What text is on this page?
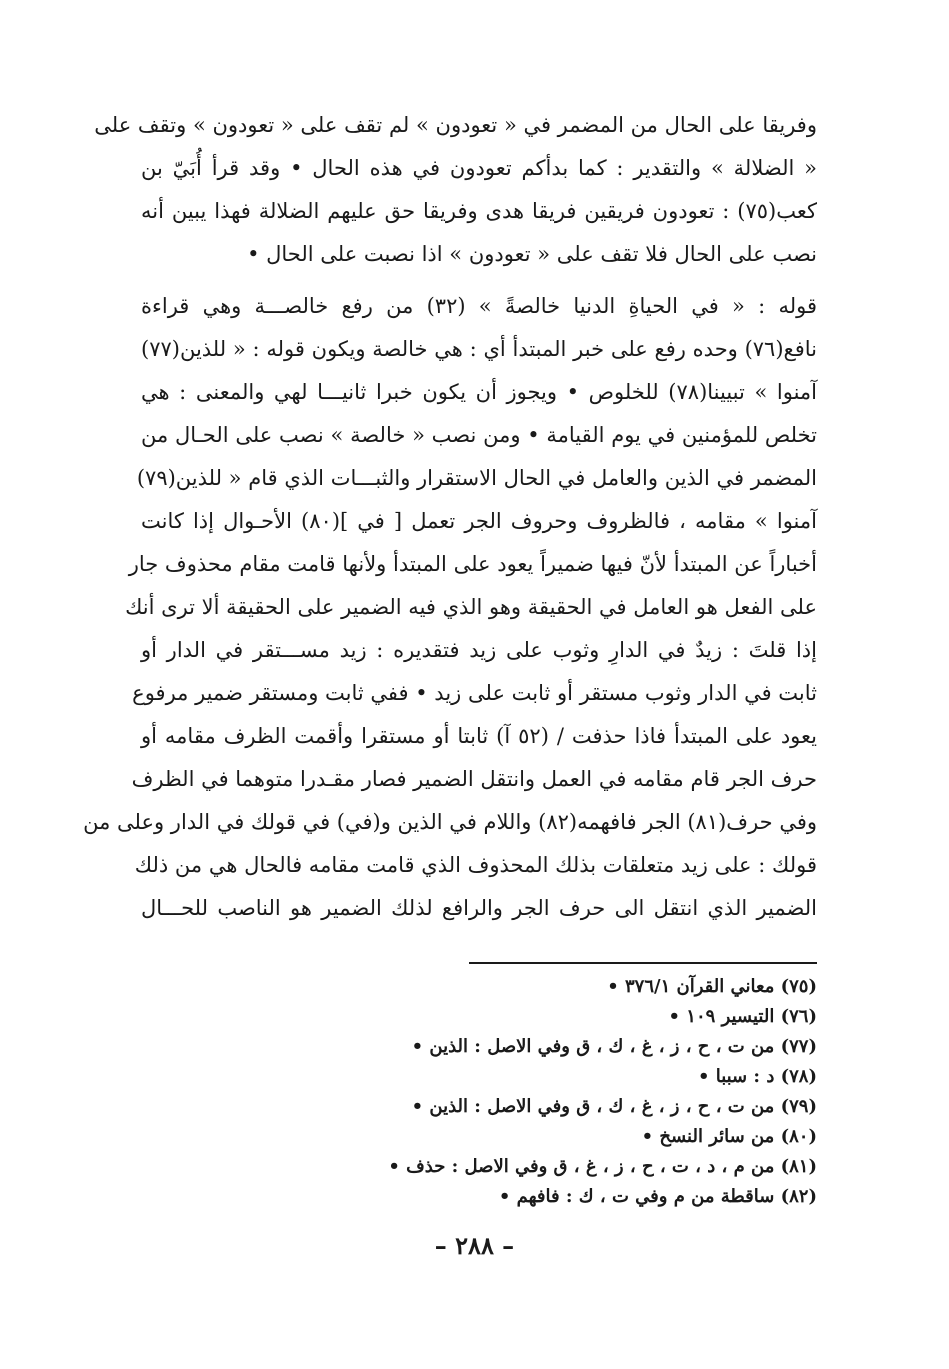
وفريقا على الحال من المضمر في « تعودون » لم تقف على « تعودون » وتقف على
« الضلالة » والتقدير : كما بدأكم تعودون في هذه الحال • وقد قرأ أُبَيّ بن
كعب(٧٥) : تعودون فريقين فريقا هدى وفريقا حق عليهم الضلالة فهذا يبين أنه
نصب على الحال فلا تقف على « تعودون » اذا نصبت على الحال •
قوله : « في الحياةِ الدنيا خالصةً » (٣٢) من رفع خالصـــة وهي قراءة
نافع(٧٦) وحده رفع على خبر المبتدأ أي : هي خالصة ويكون قوله : « للذين(٧٧)
آمنوا » تبيينا(٧٨) للخلوص • ويجوز أن يكون خبرا ثانيـــا لهي والمعنى : هي
تخلص للمؤمنين في يوم القيامة • ومن نصب « خالصة » نصب على الحـال من
المضمر في الذين والعامل في الحال الاستقرار والثبـــات الذي قام « للذين(٧٩)
آمنوا » مقامه ، فالظروف وحروف الجر تعمل [ في ](٨٠) الأحـوال إذا كانت
أخباراً عن المبتدأ لأنّ فيها ضميراً يعود على المبتدأ ولأنها قامت مقام محذوف جار
على الفعل هو العامل في الحقيقة وهو الذي فيه الضمير على الحقيقة ألا ترى أنك
إذا قلتَ : زيدٌ في الدارِ وثوب على زيد فتقديره : زيد مســـتقر في الدار أو
ثابت في الدار وثوب مستقر أو ثابت على زيد • ففي ثابت ومستقر ضمير مرفوع
يعود على المبتدأ فاذا حذفت / (٥٢ آ) ثابتا أو مستقرا وأقمت الظرف مقامه أو
حرف الجر قام مقامه في العمل وانتقل الضمير فصار مقـدرا متوهما في الظرف
وفي حرف(٨١) الجر فافهمه(٨٢) واللام في الذين و(في) في قولك في الدار وعلى من
قولك : على زيد متعلقات بذلك المحذوف الذي قامت مقامه فالحال هي من ذلك
الضمير الذي انتقل الى حرف الجر والرافع لذلك الضمير هو الناصب للحـــال
(٧٥) معاني القرآن ٣٧٦/١ •
(٧٦) التيسير ١٠٩ •
(٧٧) من ت ، ح ، ز ، غ ، ك ، ق وفي الاصل : الذين •
(٧٨) د : سببا •
(٧٩) من ت ، ح ، ز ، غ ، ك ، ق وفي الاصل : الذين •
(٨٠) من سائر النسخ •
(٨١) من م ، د ، ت ، ح ، ز ، غ ، ق وفي الاصل : حذف •
(٨٢) ساقطة من م وفي ت ، ك : فافهم •
– ٢٨٨ –
